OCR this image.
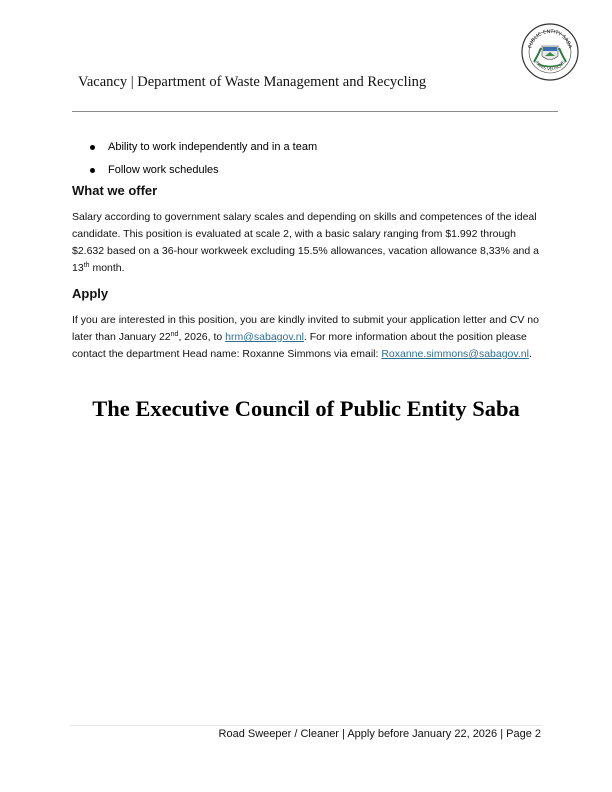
Vacancy | Department of Waste Management and Recycling
PUBLIC ENTITY SABA
REMIS VELISQUE
Ability to work independently and in a team
Follow work schedules
What we offer

Salary according to government salary scales and depending on skills and competences of the ideal candidate. This position is evaluated at scale 2, with a basic salary ranging from $1.992 through $2.632 based on a 36-hour workweek excluding 15.5% allowances, vacation allowance 8,33% and a 13th month.

Apply

If you are interested in this position, you are kindly invited to submit your application letter and CV no later than January 22nd, 2026, to hrm@sabagov.nl. For more information about the position please contact the department Head name: Roxanne Simmons via email: Roxanne.simmons@sabagov.nl.

The Executive Council of Public Entity Saba
Road Sweeper / Cleaner | Apply before January 22, 2026 | Page 2
